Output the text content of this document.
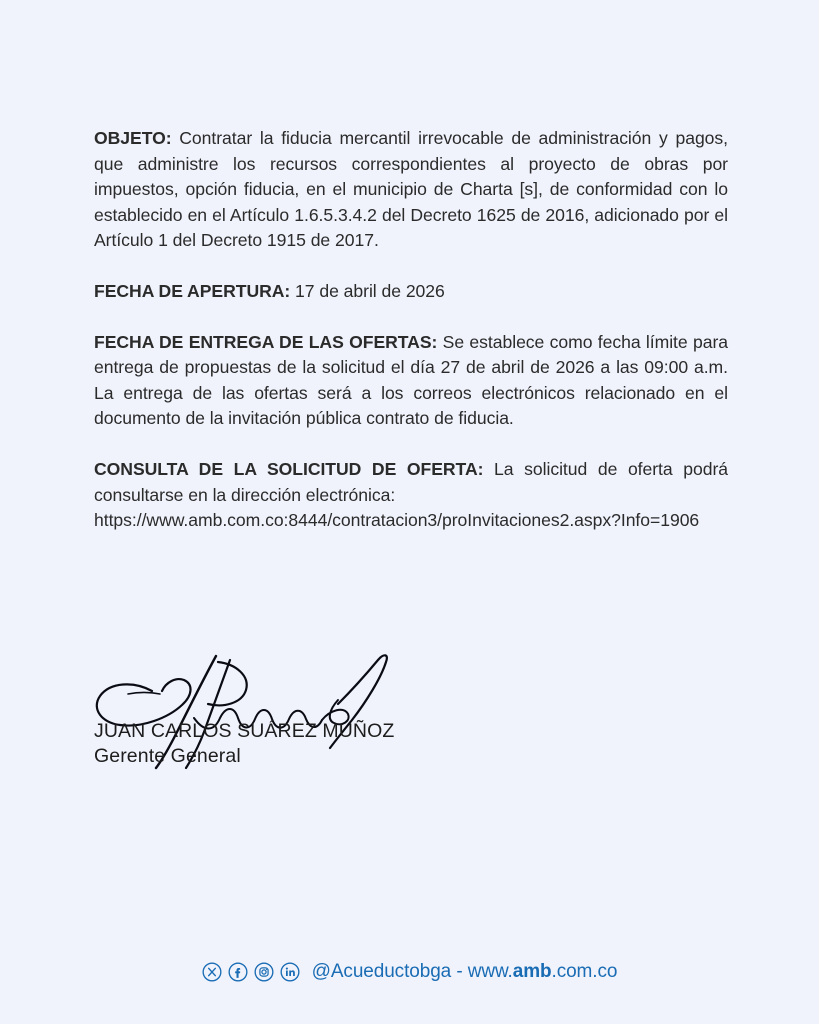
OBJETO: Contratar la fiducia mercantil irrevocable de administración y pagos, que administre los recursos correspondientes al proyecto de obras por impuestos, opción fiducia, en el municipio de Charta [s], de conformidad con lo establecido en el Artículo 1.6.5.3.4.2 del Decreto 1625 de 2016, adicionado por el Artículo 1 del Decreto 1915 de 2017.

FECHA DE APERTURA: 17 de abril de 2026

FECHA DE ENTREGA DE LAS OFERTAS: Se establece como fecha límite para entrega de propuestas de la solicitud el día 27 de abril de 2026 a las 09:00 a.m. La entrega de las ofertas será a los correos electrónicos relacionado en el documento de la invitación pública contrato de fiducia.

CONSULTA DE LA SOLICITUD DE OFERTA: La solicitud de oferta podrá consultarse en la dirección electrónica:

https://www.amb.com.co:8444/contratacion3/proInvitaciones2.aspx?Info=1906

JUAN CARLOS SUÁREZ MUÑOZ
Gerente General
@Acueductobga - www.amb.com.co
